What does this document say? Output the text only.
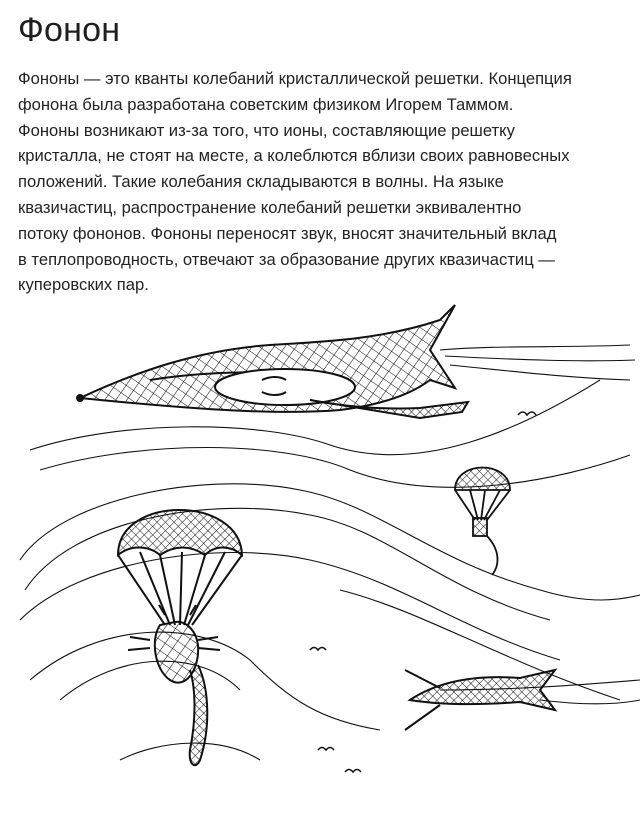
Фонон

Фононы — это кванты колебаний кристаллической решетки. Концепция
фонона была разработана советским физиком Игорем Таммом.
Фононы возникают из-за того, что ионы, составляющие решетку
кристалла, не стоят на месте, а колеблются вблизи своих равновесных
положений. Такие колебания складываются в волны. На языке
квазичастиц, распространение колебаний решетки эквивалентно
потоку фононов. Фононы переносят звук, вносят значительный вклад
в теплопроводность, отвечают за образование других квазичастиц —
куперовских пар.
